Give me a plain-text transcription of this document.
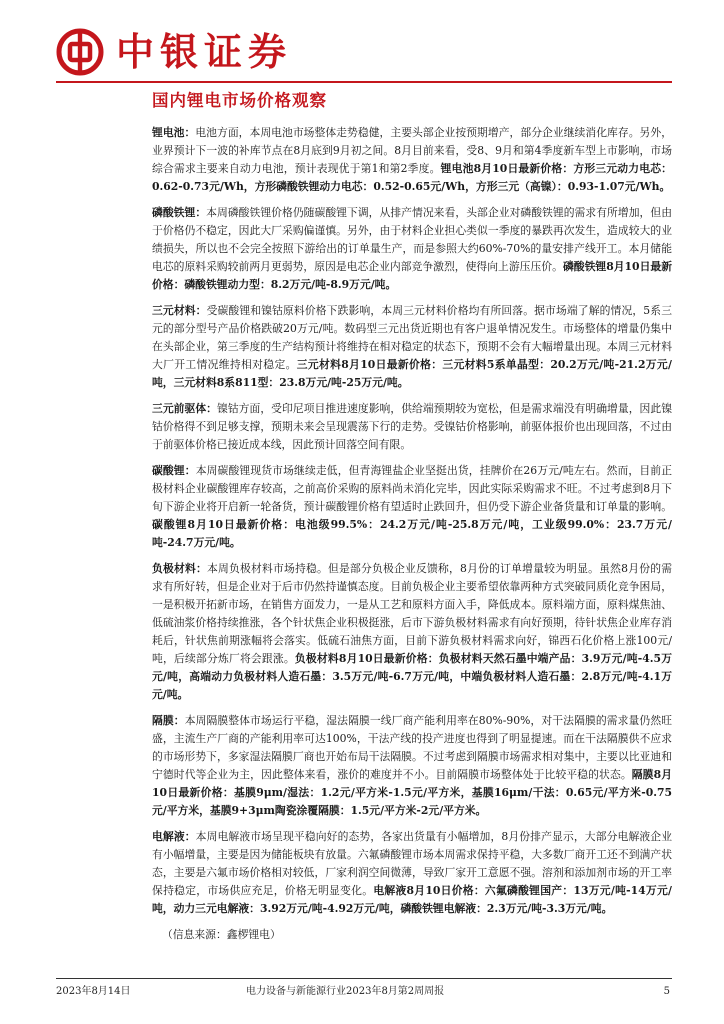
中银证券
国内锂电市场价格观察

锂电池：电池方面，本周电池市场整体走势稳健，主要头部企业按预期增产，部分企业继续消化库存。另外，业界预计下一波的补库节点在8月底到9月初之间。8月目前来看，受8、9月和第4季度新车型上市影响，市场综合需求主要来自动力电池，预计表现优于第1和第2季度。锂电池8月10日最新价格：方形三元动力电芯：0.62-0.73元/Wh，方形磷酸铁锂动力电芯：0.52-0.65元/Wh，方形三元（高镍）：0.93-1.07元/Wh。

磷酸铁锂：本周磷酸铁锂价格仍随碳酸锂下调，从排产情况来看，头部企业对磷酸铁锂的需求有所增加，但由于价格仍不稳定，因此大厂采购偏谨慎。另外，由于材料企业担心类似一季度的暴跌再次发生，造成较大的业绩损失，所以也不会完全按照下游给出的订单量生产，而是参照大约60%-70%的量安排产线开工。本月储能电芯的原料采购较前两月更弱势，原因是电芯企业内部竞争激烈，使得向上游压压价。磷酸铁锂8月10日最新价格：磷酸铁锂动力型：8.2万元/吨-8.9万元/吨。

三元材料：受碳酸锂和镍钴原料价格下跌影响，本周三元材料价格均有所回落。据市场端了解的情况，5系三元的部分型号产品价格跌破20万元/吨。数码型三元出货近期也有客户退单情况发生。市场整体的增量仍集中在头部企业，第三季度的生产结构预计将维持在相对稳定的状态下，预期不会有大幅增量出现。本周三元材料大厂开工情况维持相对稳定。三元材料8月10日最新价格：三元材料5系单晶型：20.2万元/吨-21.2万元/吨，三元材料8系811型：23.8万元/吨-25万元/吨。

三元前驱体：镍钴方面，受印尼项目推进速度影响，供给端预期较为宽松，但是需求端没有明确增量，因此镍钴价格得不到足够支撑，预期未来会呈现震荡下行的走势。受镍钴价格影响，前驱体报价也出现回落，不过由于前驱体价格已接近成本线，因此预计回落空间有限。

碳酸锂：本周碳酸锂现货市场继续走低，但青海锂盐企业坚挺出货，挂牌价在26万元/吨左右。然而，目前正极材料企业碳酸锂库存较高，之前高价采购的原料尚未消化完毕，因此实际采购需求不旺。不过考虑到8月下旬下游企业将开启新一轮备货，预计碳酸锂价格有望适时止跌回升，但仍受下游企业备货量和订单量的影响。碳酸锂8月10日最新价格：电池级99.5%：24.2万元/吨-25.8万元/吨，工业级99.0%：23.7万元/吨-24.7万元/吨。

负极材料：本周负极材料市场持稳。但是部分负极企业反馈称，8月份的订单增量较为明显。虽然8月份的需求有所好转，但是企业对于后市仍然持谨慎态度。目前负极企业主要希望依靠两种方式突破同质化竞争困局，一是积极开拓新市场，在销售方面发力，一是从工艺和原料方面入手，降低成本。原料端方面，原料煤焦油、低硫油浆价格持续推涨，各个针状焦企业积极挺涨，后市下游负极材料需求有向好预期，待针状焦企业库存消耗后，针状焦前期涨幅将会落实。低硫石油焦方面，目前下游负极材料需求向好，锦西石化价格上涨100元/吨，后续部分炼厂将会跟涨。负极材料8月10日最新价格：负极材料天然石墨中端产品：3.9万元/吨-4.5万元/吨，高端动力负极材料人造石墨：3.5万元/吨-6.7万元/吨，中端负极材料人造石墨：2.8万元/吨-4.1万元/吨。

隔膜：本周隔膜整体市场运行平稳，湿法隔膜一线厂商产能利用率在80%-90%，对干法隔膜的需求量仍然旺盛，主流生产厂商的产能利用率可达100%，干法产线的投产进度也得到了明显提速。而在干法隔膜供不应求的市场形势下，多家湿法隔膜厂商也开始布局干法隔膜。不过考虑到隔膜市场需求相对集中，主要以比亚迪和宁德时代等企业为主，因此整体来看，涨价的难度并不小。目前隔膜市场整体处于比较平稳的状态。隔膜8月10日最新价格：基膜9μm/湿法：1.2元/平方米-1.5元/平方米，基膜16μm/干法：0.65元/平方米-0.75元/平方米，基膜9+3μm陶瓷涂覆隔膜：1.5元/平方米-2元/平方米。

电解液：本周电解液市场呈现平稳向好的态势，各家出货量有小幅增加，8月份排产显示，大部分电解液企业有小幅增量，主要是因为储能板块有放量。六氟磷酸锂市场本周需求保持平稳，大多数厂商开工还不到满产状态，主要是六氟市场价格相对较低，厂家利润空间微薄，导致厂家开工意愿不强。溶剂和添加剂市场的开工率保持稳定，市场供应充足，价格无明显变化。电解液8月10日价格：六氟磷酸锂国产：13万元/吨-14万元/吨，动力三元电解液：3.92万元/吨-4.92万元/吨，磷酸铁锂电解液：2.3万元/吨-3.3万元/吨。

（信息来源：鑫椤锂电）

2023年8月14日	电力设备与新能源行业2023年8月第2周周报	5
